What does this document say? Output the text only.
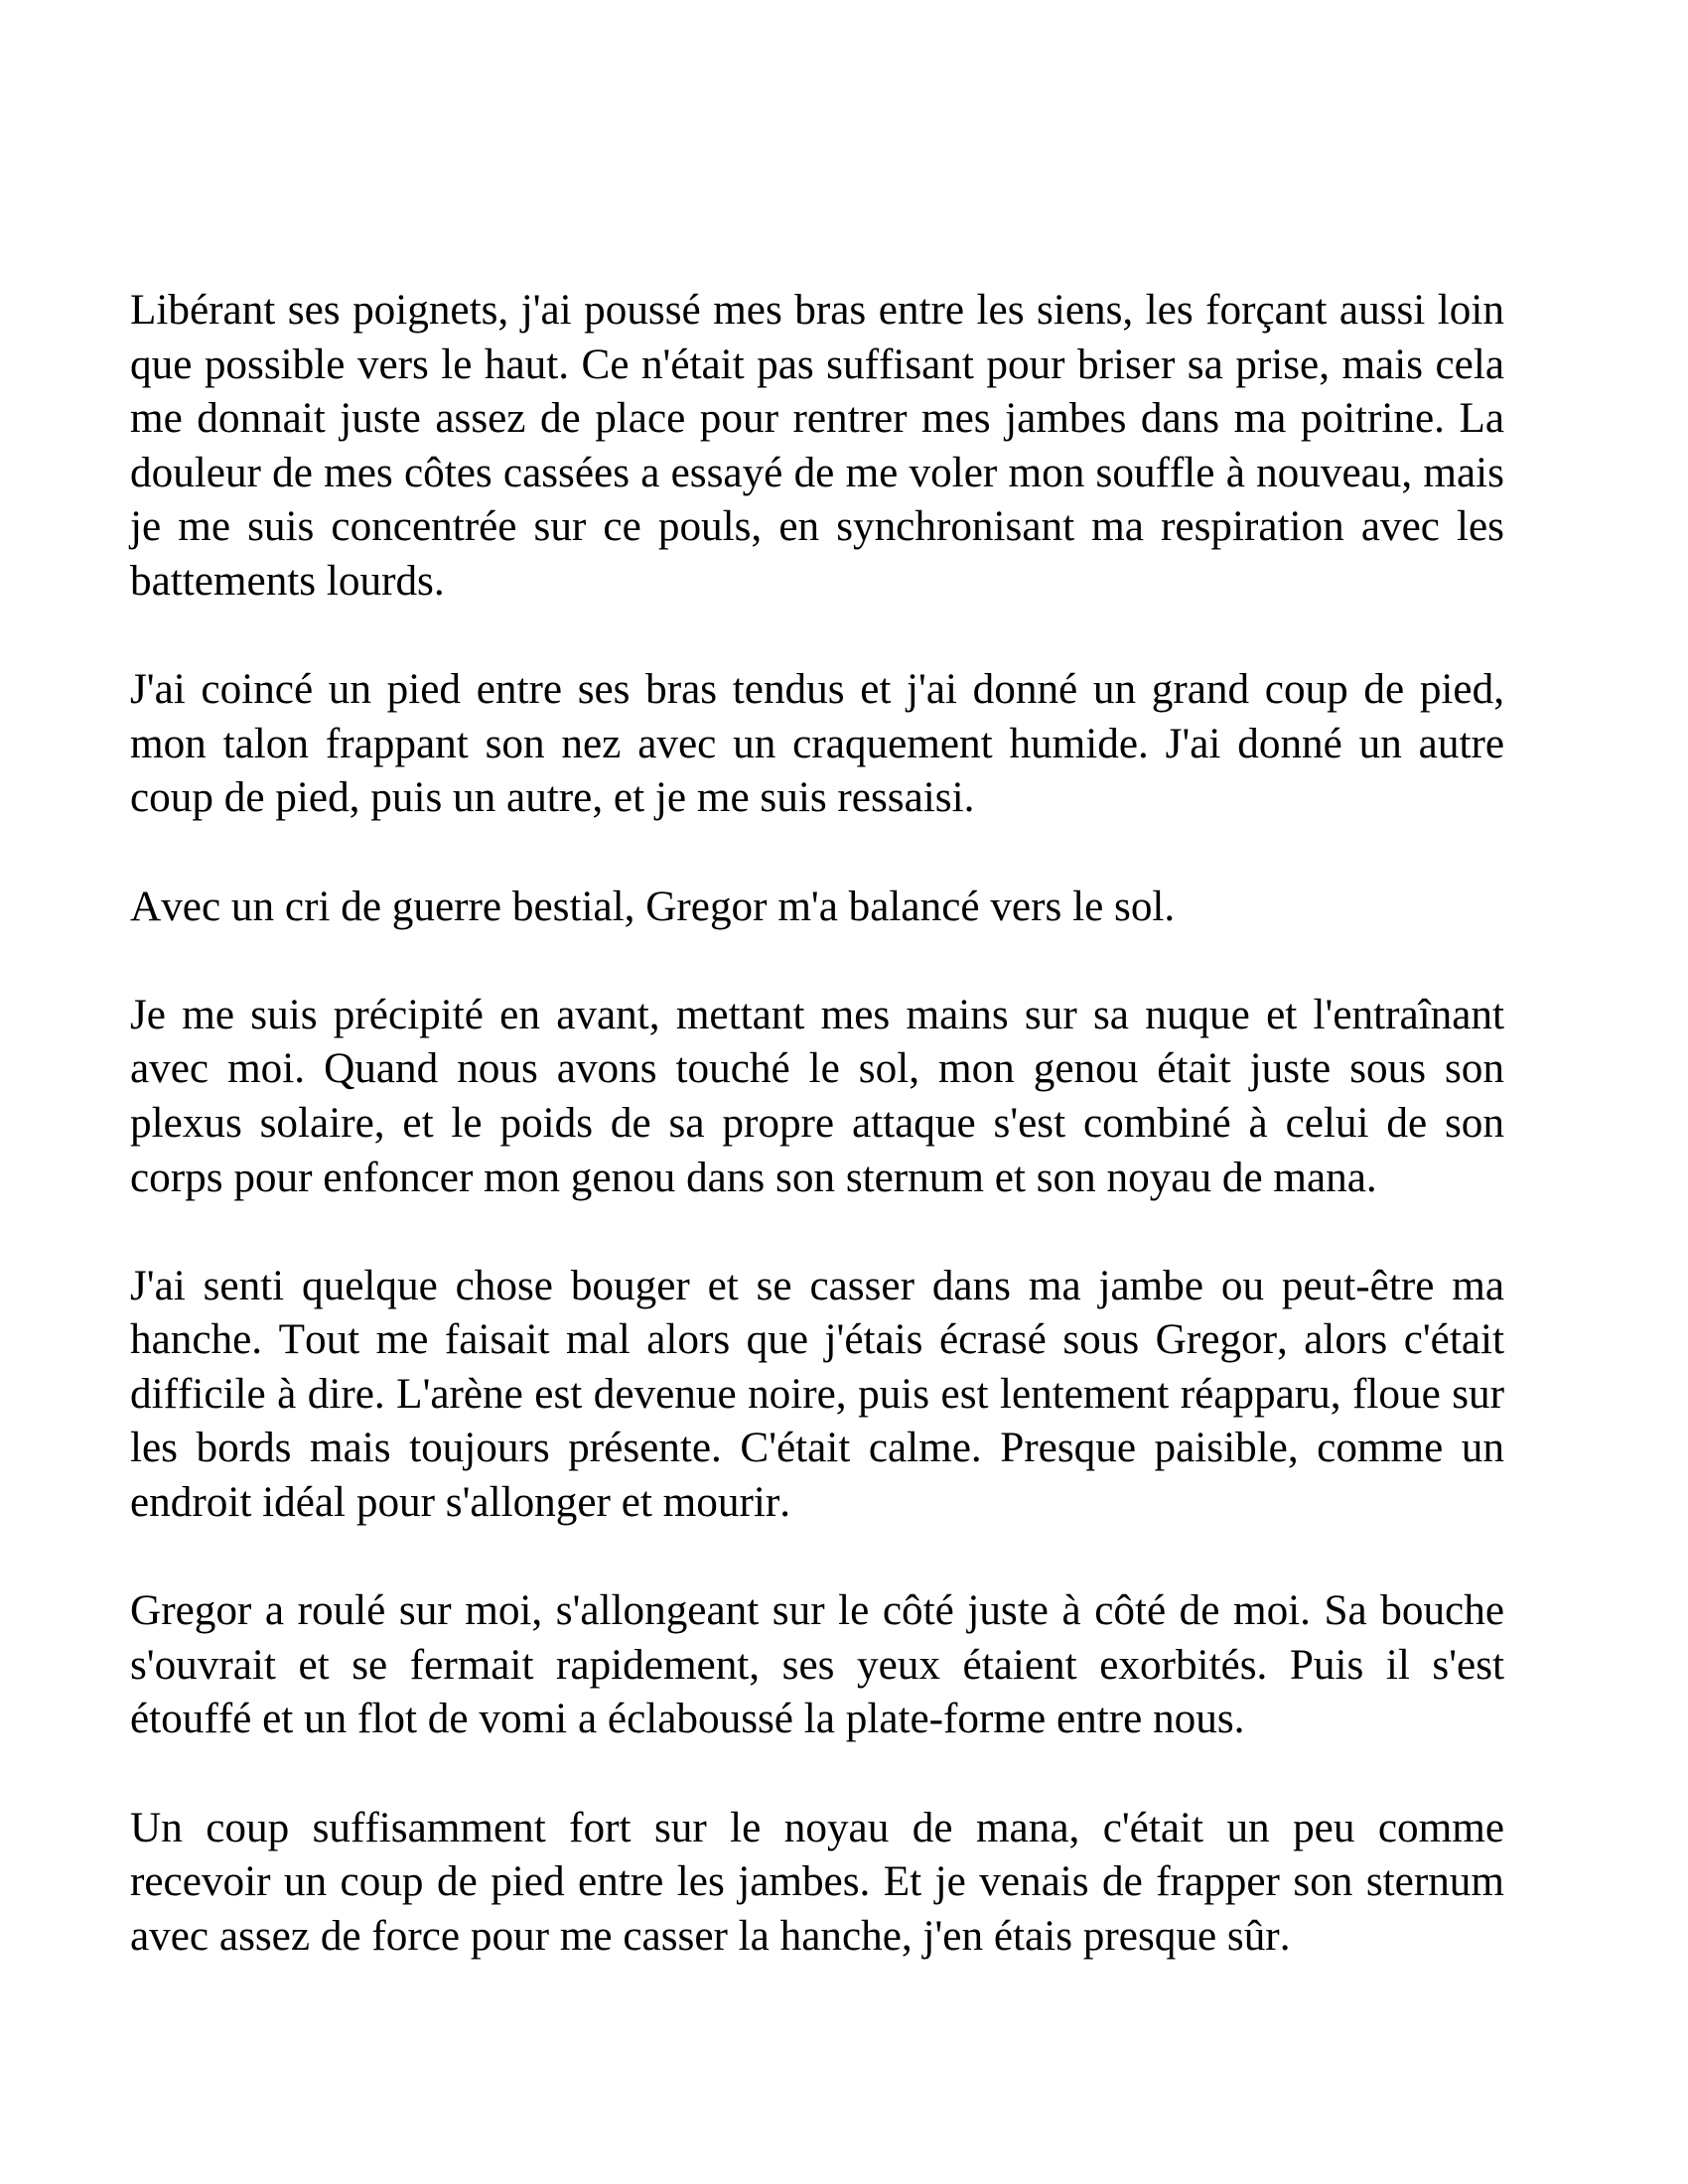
Libérant ses poignets, j'ai poussé mes bras entre les siens, les forçant aussi loin que possible vers le haut. Ce n'était pas suffisant pour briser sa prise, mais cela me donnait juste assez de place pour rentrer mes jambes dans ma poitrine. La douleur de mes côtes cassées a essayé de me voler mon souffle à nouveau, mais je me suis concentrée sur ce pouls, en synchronisant ma respiration avec les battements lourds.

J'ai coincé un pied entre ses bras tendus et j'ai donné un grand coup de pied, mon talon frappant son nez avec un craquement humide. J'ai donné un autre coup de pied, puis un autre, et je me suis ressaisi.

Avec un cri de guerre bestial, Gregor m'a balancé vers le sol.

Je me suis précipité en avant, mettant mes mains sur sa nuque et l'entraînant avec moi. Quand nous avons touché le sol, mon genou était juste sous son plexus solaire, et le poids de sa propre attaque s'est combiné à celui de son corps pour enfoncer mon genou dans son sternum et son noyau de mana.

J'ai senti quelque chose bouger et se casser dans ma jambe ou peut-être ma hanche. Tout me faisait mal alors que j'étais écrasé sous Gregor, alors c'était difficile à dire. L'arène est devenue noire, puis est lentement réapparu, floue sur les bords mais toujours présente. C'était calme. Presque paisible, comme un endroit idéal pour s'allonger et mourir.

Gregor a roulé sur moi, s'allongeant sur le côté juste à côté de moi. Sa bouche s'ouvrait et se fermait rapidement, ses yeux étaient exorbités. Puis il s'est étouffé et un flot de vomi a éclaboussé la plate-forme entre nous.

Un coup suffisamment fort sur le noyau de mana, c'était un peu comme recevoir un coup de pied entre les jambes. Et je venais de frapper son sternum avec assez de force pour me casser la hanche, j'en étais presque sûr.
